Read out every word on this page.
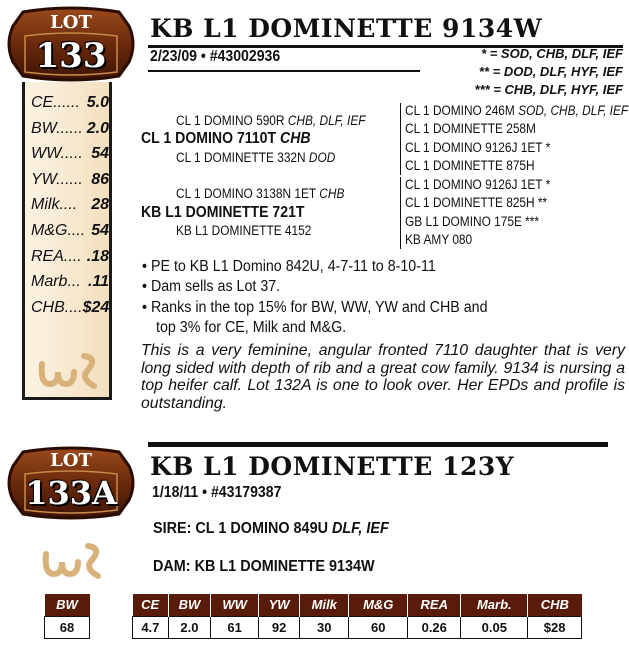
LOT
133
CE...... 5.0
BW...... 2.0
WW..... 54
YW...... 86
Milk.... 28
M&G.... 54
REA.... .18
Marb... .11
CHB.... $24
KB L1 DOMINETTE 9134W
2/23/09 • #43002936	* = SOD, CHB, DLF, IEF
** = DOD, DLF, HYF, IEF
*** = CHB, DLF, HYF, IEF
CL 1 DOMINO 590R CHB, DLF, IEF
CL 1 DOMINO 7110T CHB
CL 1 DOMINETTE 332N DOD
CL 1 DOMINO 3138N 1ET CHB
KB L1 DOMINETTE 721T
KB L1 DOMINETTE 4152
CL 1 DOMINO 246M SOD, CHB, DLF, IEF
CL 1 DOMINETTE 258M
CL 1 DOMINO 9126J 1ET *
CL 1 DOMINETTE 875H
CL 1 DOMINO 9126J 1ET *
CL 1 DOMINETTE 825H **
GB L1 DOMINO 175E ***
KB AMY 080
• PE to KB L1 Domino 842U, 4-7-11 to 8-10-11
• Dam sells as Lot 37.
• Ranks in the top 15% for BW, WW, YW and CHB and
top 3% for CE, Milk and M&G.
This is a very feminine, angular fronted 7110 daughter that is very long sided with depth of rib and a great cow family. 9134 is nursing a top heifer calf. Lot 132A is one to look over. Her EPDs and profile is outstanding.
LOT
133A
KB L1 DOMINETTE 123Y
1/18/11 • #43179387
SIRE: CL 1 DOMINO 849U DLF, IEF
DAM: KB L1 DOMINETTE 9134W
BW
68
CE	BW	WW	YW	Milk	M&G	REA	Marb.	CHB
4.7	2.0	61	92	30	60	0.26	0.05	$28
